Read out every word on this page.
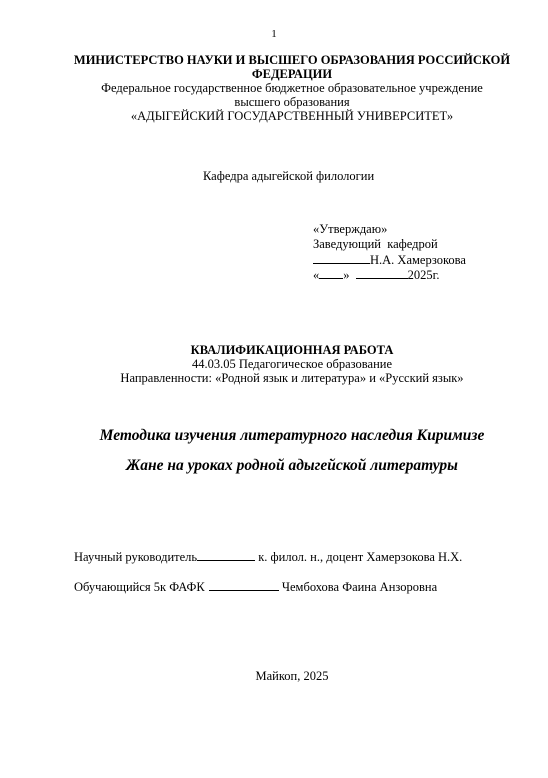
1
МИНИСТЕРСТВО НАУКИ И ВЫСШЕГО ОБРАЗОВАНИЯ РОССИЙСКОЙ
ФЕДЕРАЦИИ
Федеральное государственное бюджетное образовательное учреждение
высшего образования
«АДЫГЕЙСКИЙ ГОСУДАРСТВЕННЫЙ УНИВЕРСИТЕТ»
Кафедра адыгейской филологии
«Утверждаю»
Заведующий  кафедрой
Н.А. Хамерзокова
« »	2025г.
КВАЛИФИКАЦИОННАЯ РАБОТА
44.03.05 Педагогическое образование
Направленности: «Родной язык и литература» и «Русский язык»
Методика изучения литературного наследия Киримизе
Жане на уроках родной адыгейской литературы
Научный руководитель	к. филол. н., доцент Хамерзокова Н.Х.
Обучающийся 5к ФАФК	Чембохова Фаина Анзоровна
Майкоп, 2025
